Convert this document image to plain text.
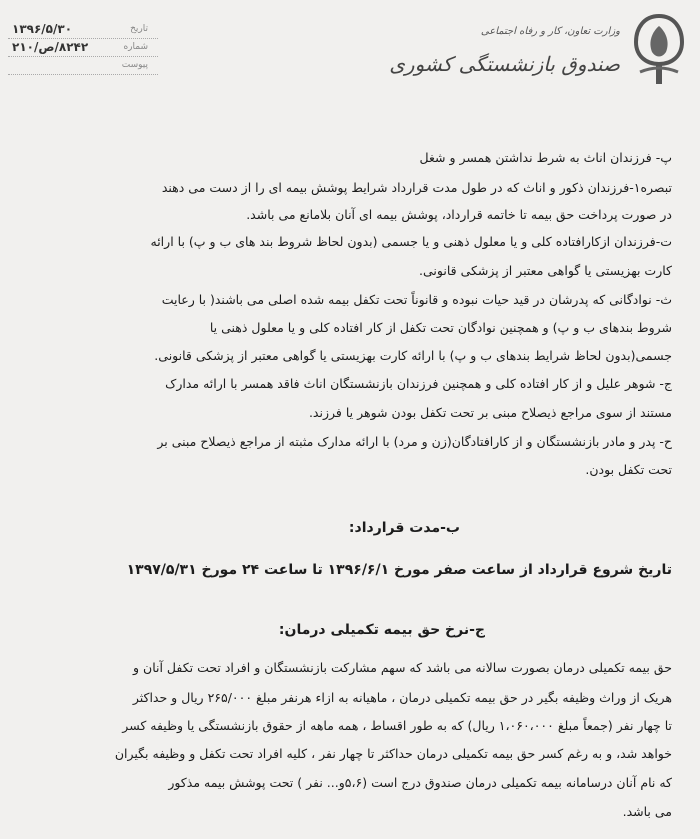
۱۳۹۶/۵/۳۰	تاریخ
۸۲۴۲/ص/۲۱۰	شماره
پیوست
وزارت تعاون، کار و رفاه اجتماعی
صندوق بازنشستگی کشوری
پ- فرزندان اناث به شرط نداشتن همسر و شغل
تبصره۱-فرزندان ذکور و اناث که در طول مدت قرارداد شرایط پوشش بیمه ای را از دست می دهند
در صورت پرداخت حق بیمه تا خاتمه قرارداد، پوشش بیمه ای آنان بلامانع می باشد.
ت-فرزندان ازکارافتاده کلی و یا معلول ذهنی و یا جسمی (بدون لحاظ شروط بند های ب و پ) با ارائه
کارت بهزیستی یا گواهی معتبر از پزشکی قانونی.
ث- نوادگانی که پدرشان در قید حیات نبوده و قانوناً تحت تکفل بیمه شده اصلی می باشند( با رعایت
شروط بندهای ب و پ) و همچنین نوادگان تحت تکفل از کار افتاده کلی و یا معلول ذهنی یا
جسمی(بدون لحاظ شرایط بندهای ب و پ) با ارائه کارت بهزیستی یا گواهی معتبر از پزشکی قانونی.
ج- شوهر علیل و از کار افتاده کلی و همچنین فرزندان بازنشستگان اناث فاقد همسر با ارائه مدارک
مستند از سوی مراجع ذیصلاح مبنی بر تحت تکفل بودن شوهر یا فرزند.
ح- پدر و مادر بازنشستگان و از کارافتادگان(زن و مرد) با ارائه مدارک مثبته از مراجع ذیصلاح مبنی بر
تحت تکفل بودن.
ب-مدت قرارداد:
تاریخ شروع قرارداد از ساعت صفر مورخ ۱۳۹۶/۶/۱ تا ساعت ۲۴ مورخ ۱۳۹۷/۵/۳۱
ج-نرخ حق بیمه تکمیلی درمان:
حق بیمه تکمیلی درمان بصورت سالانه می باشد که سهم مشارکت بازنشستگان و افراد تحت تکفل آنان و
هریک از وراث وظیفه بگیر در حق بیمه تکمیلی درمان ، ماهیانه به ازاء هرنفر مبلغ ۲۶۵/۰۰۰ ریال و حداکثر
تا چهار نفر (جمعاً مبلغ ۱،۰۶۰،۰۰۰ ریال) که به طور اقساط ، همه ماهه از حقوق بازنشستگی یا وظیفه کسر
خواهد شد، و به رغم کسر حق بیمه تکمیلی درمان حداکثر تا چهار نفر ، کلیه افراد تحت تکفل و وظیفه بگیران
که نام آنان درسامانه بیمه تکمیلی درمان صندوق درج است (۵،۶و... نفر ) تحت پوشش بیمه مذکور
می باشد.
